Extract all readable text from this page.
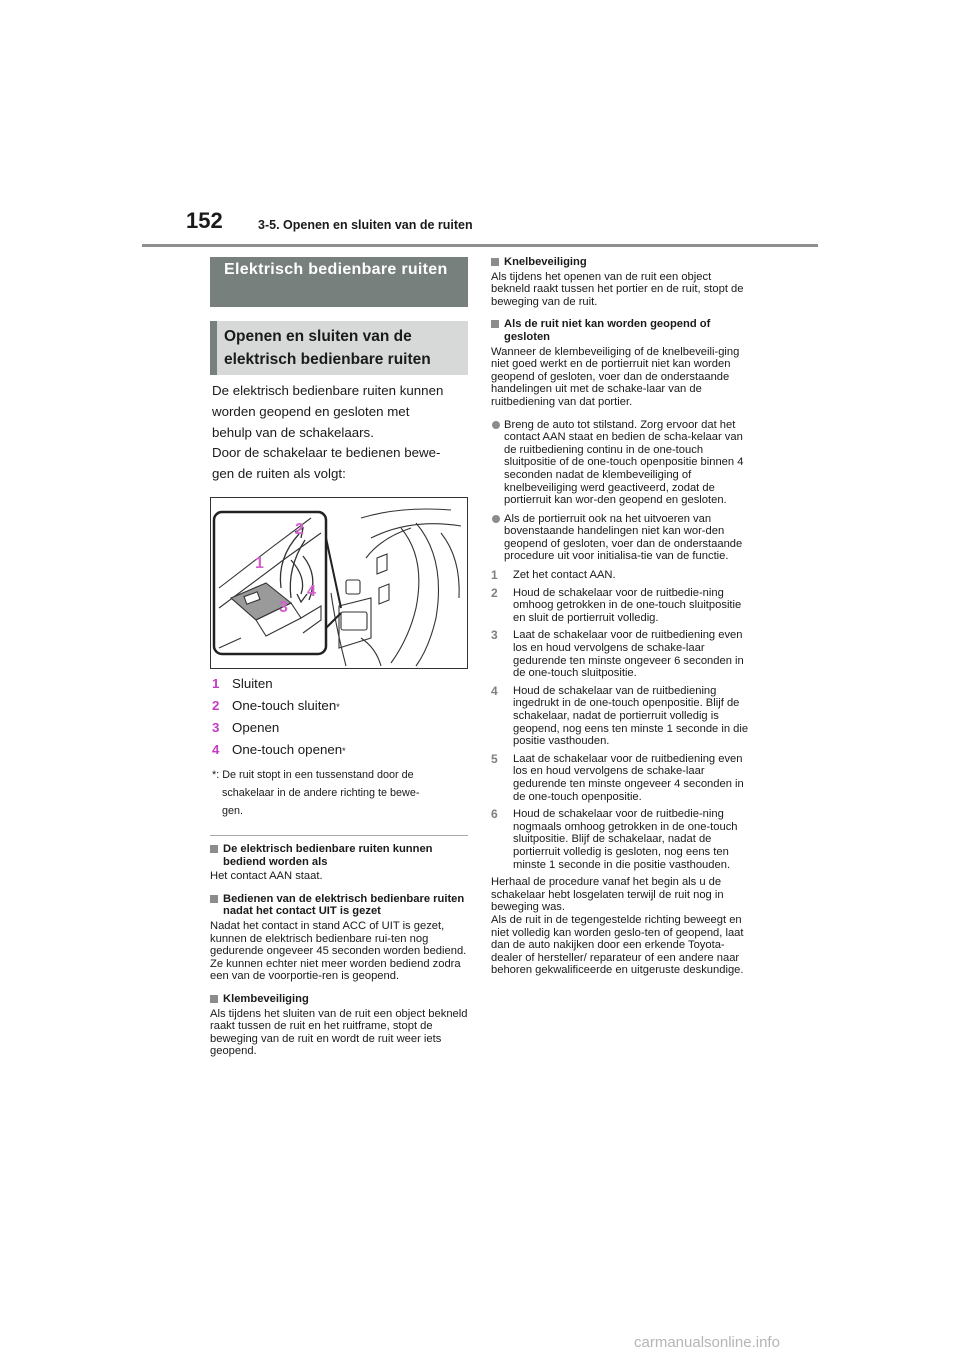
152	3-5. Openen en sluiten van de ruiten
Elektrisch bedienbare ruiten
Openen en sluiten van de elektrisch bedienbare ruiten
De elektrisch bedienbare ruiten kunnen
worden geopend en gesloten met
behulp van de schakelaars.
Door de schakelaar te bedienen bewe-
gen de ruiten als volgt:
1
2
3
4
1 Sluiten
2 One-touch sluiten *
3 Openen
4 One-touch openen *
*: De ruit stopt in een tussenstand door de
schakelaar in de andere richting te bewe-
gen.
De elektrisch bedienbare ruiten kunnen bediend worden als
Het contact AAN staat.
Bedienen van de elektrisch bedienbare ruiten nadat het contact UIT is gezet
Nadat het contact in stand ACC of UIT is gezet, kunnen de elektrisch bedienbare rui-ten nog gedurende ongeveer 45 seconden worden bediend. Ze kunnen echter niet meer worden bediend zodra een van de voorportie-ren is geopend.
Klembeveiliging
Als tijdens het sluiten van de ruit een object bekneld raakt tussen de ruit en het ruitframe, stopt de beweging van de ruit en wordt de ruit weer iets geopend.
Knelbeveiliging
Als tijdens het openen van de ruit een object bekneld raakt tussen het portier en de ruit, stopt de beweging van de ruit.
Als de ruit niet kan worden geopend of gesloten
Wanneer de klembeveiliging of de knelbeveili-ging niet goed werkt en de portierruit niet kan worden geopend of gesloten, voer dan de onderstaande handelingen uit met de schake-laar van de ruitbediening van dat portier.
Breng de auto tot stilstand. Zorg ervoor dat het contact AAN staat en bedien de scha-kelaar van de ruitbediening continu in de one-touch sluitpositie of de one-touch openpositie binnen 4 seconden nadat de klembeveiliging of knelbeveiliging werd geactiveerd, zodat de portierruit kan wor-den geopend en gesloten.
Als de portierruit ook na het uitvoeren van bovenstaande handelingen niet kan wor-den geopend of gesloten, voer dan de onderstaande procedure uit voor initialisa-tie van de functie.
1	Zet het contact AAN.
2	Houd de schakelaar voor de ruitbedie-ning omhoog getrokken in de one-touch sluitpositie en sluit de portierruit volledig.
3	Laat de schakelaar voor de ruitbediening even los en houd vervolgens de schake-laar gedurende ten minste ongeveer 6 seconden in de one-touch sluitpositie.
4	Houd de schakelaar van de ruitbediening ingedrukt in de one-touch openpositie. Blijf de schakelaar, nadat de portierruit volledig is geopend, nog eens ten minste 1 seconde in die positie vasthouden.
5	Laat de schakelaar voor de ruitbediening even los en houd vervolgens de schake-laar gedurende ten minste ongeveer 4 seconden in de one-touch openpositie.
6	Houd de schakelaar voor de ruitbedie-ning nogmaals omhoog getrokken in de one-touch sluitpositie. Blijf de schakelaar, nadat de portierruit volledig is gesloten, nog eens ten minste 1 seconde in die positie vasthouden.
Herhaal de procedure vanaf het begin als u de schakelaar hebt losgelaten terwijl de ruit nog in beweging was.
Als de ruit in de tegengestelde richting beweegt en niet volledig kan worden geslo-ten of geopend, laat dan de auto nakijken door een erkende Toyota-dealer of hersteller/ reparateur of een andere naar behoren gekwalificeerde en uitgeruste deskundige.
carmanualsonline.info
